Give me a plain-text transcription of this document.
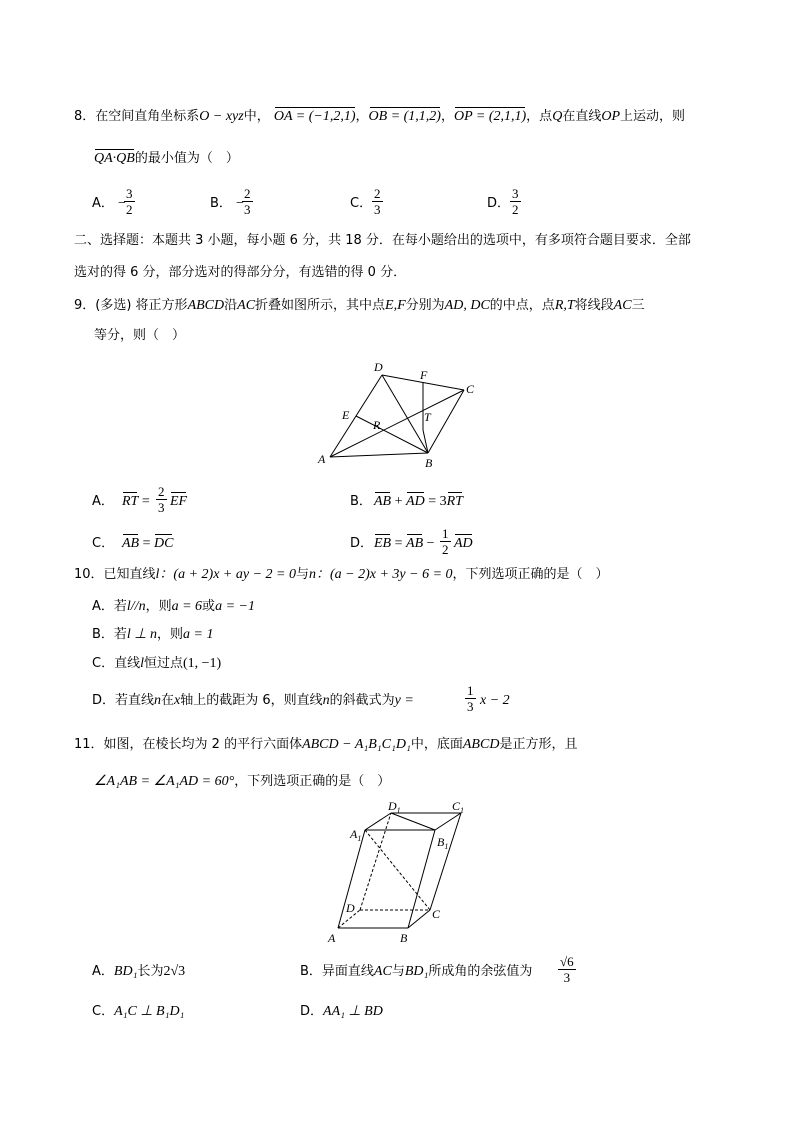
8．在空间直角坐标系O − xyz中， OA = (−1,2,1)，OB = (1,1,2)，OP = (2,1,1)，点Q在直线OP上运动，则
QA·QB的最小值为（　）
A． −
$\frac{3}{2}$	B． −
$\frac{2}{3}$	C． $\frac{2}{3}$	D． $\frac{3}{2}$
二、选择题：本题共 3 小题，每小题 6 分，共 18 分．在每小题给出的选项中，有多项符合题目要求．全部
选对的得 6 分，部分选对的得部分分，有选错的得 0 分．
9．(多选) 将正方形ABCD沿AC折叠如图所示，其中点E,F分别为AD, DC的中点，点R,T将线段AC三
等分，则（　）
D
F
C
E
R
T
A	B
A． RT = $\frac{2}{3}$ EF	B． AB + AD = 3RT
C． AB = DC	D． EB = AB − $\frac{1}{2}$ AD
10．已知直线l：(a + 2)x + ay − 2 = 0与n：(a − 2)x + 3y − 6 = 0，下列选项正确的是（　）
A．若l//n，则a = 6或a = −1
B．若l ⊥ n，则a = 1
C．直线l恒过点(1, −1)
D．若直线n在x轴上的截距为 6，则直线n的斜截式为y =	$\frac{1}{3}$ x − 2
11．如图，在棱长均为 2 的平行六面体ABCD − A₁B₁C₁D₁中，底面ABCD是正方形，且
∠A₁AB = ∠A₁AD = 60°，下列选项正确的是（　）
A	B
C
D
$A_1$	$B_1$
$C_1$
$D_1$
A．BD₁长为2√3	B．异面直线AC与BD₁所成角的余弦值为 $\frac{√6}{3}$
C．A₁C ⊥ B₁D₁	D．AA₁ ⊥ BD
